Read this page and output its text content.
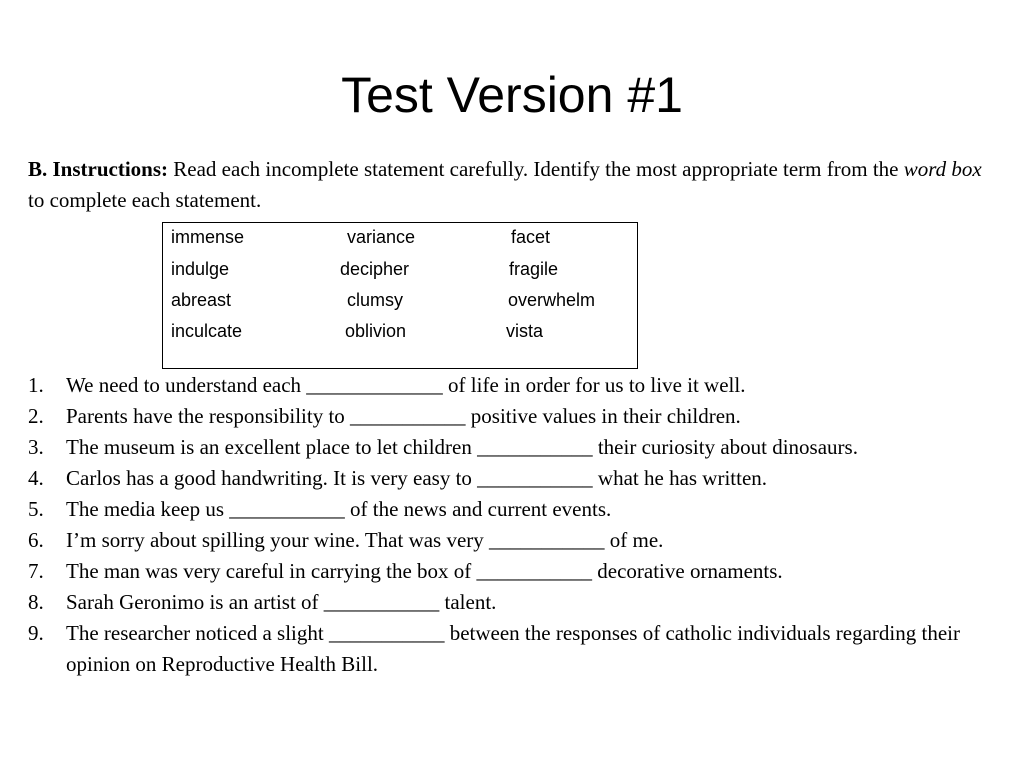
Test Version #1
B. Instructions: Read each incomplete statement carefully. Identify the most appropriate term from the word box to complete each statement.
immense	variance	facet
indulge	decipher	fragile
abreast	clumsy	overwhelm
inculcate	oblivion	vista
1. We need to understand each _____________ of life in order for us to live it well.
2. Parents have the responsibility to ___________ positive values in their children.
3. The museum is an excellent place to let children ___________ their curiosity about dinosaurs.
4. Carlos has a good handwriting. It is very easy to ___________ what he has written.
5. The media keep us ___________ of the news and current events.
6. I’m sorry about spilling your wine. That was very ___________ of me.
7. The man was very careful in carrying the box of ___________ decorative ornaments.
8. Sarah Geronimo is an artist of ___________ talent.
9. The researcher noticed a slight ___________ between the responses of catholic individuals regarding their opinion on Reproductive Health Bill.
